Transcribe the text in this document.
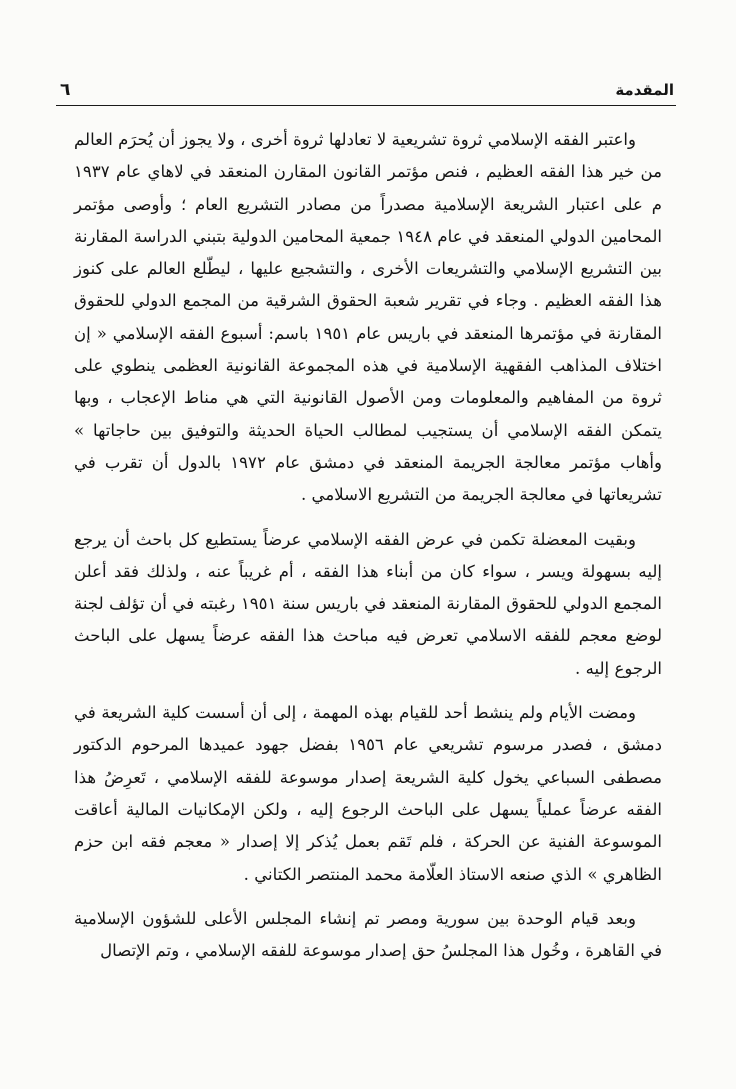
المقدمة
٦

واعتبر الفقه الإسلامي ثروة تشريعية لا تعادلها ثروة أخرى ، ولا يجوز أن يُحرَم العالم من خير هذا الفقه العظيم ، فنص مؤتمر القانون المقارن المنعقد في لاهاي عام ١٩٣٧ م على اعتبار الشريعة الإسلامية مصدراً من مصادر التشريع العام ؛ وأوصى مؤتمر المحامين الدولي المنعقد في عام ١٩٤٨ جمعية المحامين الدولية بتبني الدراسة المقارنة بين التشريع الإسلامي والتشريعات الأخرى ، والتشجيع عليها ، ليطّلع العالم على كنوز هذا الفقه العظيم . وجاء في تقرير شعبة الحقوق الشرقية من المجمع الدولي للحقوق المقارنة في مؤتمرها المنعقد في باريس عام ١٩٥١ باسم: أسبوع الفقه الإسلامي « إن اختلاف المذاهب الفقهية الإسلامية في هذه المجموعة القانونية العظمى ينطوي على ثروة من المفاهيم والمعلومات ومن الأصول القانونية التي هي مناط الإعجاب ، وبها يتمكن الفقه الإسلامي أن يستجيب لمطالب الحياة الحديثة والتوفيق بين حاجاتها » وأهاب مؤتمر معالجة الجريمة المنعقد في دمشق عام ١٩٧٢ بالدول أن تقرب في تشريعاتها في معالجة الجريمة من التشريع الاسلامي .

وبقيت المعضلة تكمن في عرض الفقه الإسلامي عرضاً يستطيع كل باحث أن يرجع إليه بسهولة ويسر ، سواء كان من أبناء هذا الفقه ، أم غريباً عنه ، ولذلك فقد أعلن المجمع الدولي للحقوق المقارنة المنعقد في باريس سنة ١٩٥١ رغبته في أن تؤلف لجنة لوضع معجم للفقه الاسلامي تعرض فيه مباحث هذا الفقه عرضاً يسهل على الباحث الرجوع إليه .

ومضت الأيام ولم ينشط أحد للقيام بهذه المهمة ، إلى أن أسست كلية الشريعة في دمشق ، فصدر مرسوم تشريعي عام ١٩٥٦ بفضل جهود عميدها المرحوم الدكتور مصطفى السباعي يخول كلية الشريعة إصدار موسوعة للفقه الإسلامي ، تَعرِضُ هذا الفقه عرضاً عملياً يسهل على الباحث الرجوع إليه ، ولكن الإمكانيات المالية أعاقت الموسوعة الفنية عن الحركة ، فلم تَقم بعمل يُذكر إلا إصدار « معجم فقه ابن حزم الظاهري » الذي صنعه الاستاذ العلّامة محمد المنتصر الكتاني .

وبعد قيام الوحدة بين سورية ومصر تم إنشاء المجلس الأعلى للشؤون الإسلامية في القاهرة ، وخُول هذا المجلسُ حق إصدار موسوعة للفقه الإسلامي ، وتم الإتصال
